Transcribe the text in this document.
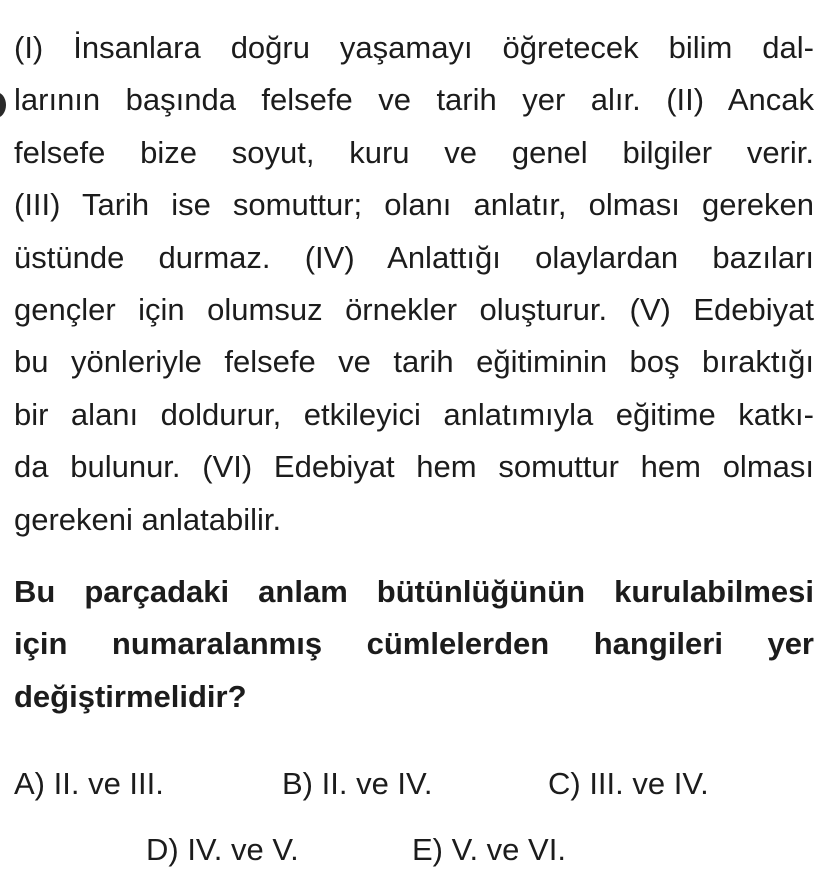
(I) İnsanlara doğru yaşamayı öğretecek bilim dal-
larının başında felsefe ve tarih yer alır. (II) Ancak
felsefe bize soyut, kuru ve genel bilgiler verir.
(III) Tarih ise somuttur; olanı anlatır, olması gereken
üstünde durmaz. (IV) Anlattığı olaylardan bazıları
gençler için olumsuz örnekler oluşturur. (V) Edebiyat
bu yönleriyle felsefe ve tarih eğitiminin boş bıraktığı
bir alanı doldurur, etkileyici anlatımıyla eğitime katkı-
da bulunur. (VI) Edebiyat hem somuttur hem olması
gerekeni anlatabilir.
Bu parçadaki anlam bütünlüğünün kurulabilmesi
için numaralanmış cümlelerden hangileri yer
değiştirmelidir?
A) II. ve III.	B) II. ve IV.	C) III. ve IV.
D) IV. ve V.	E) V. ve VI.
